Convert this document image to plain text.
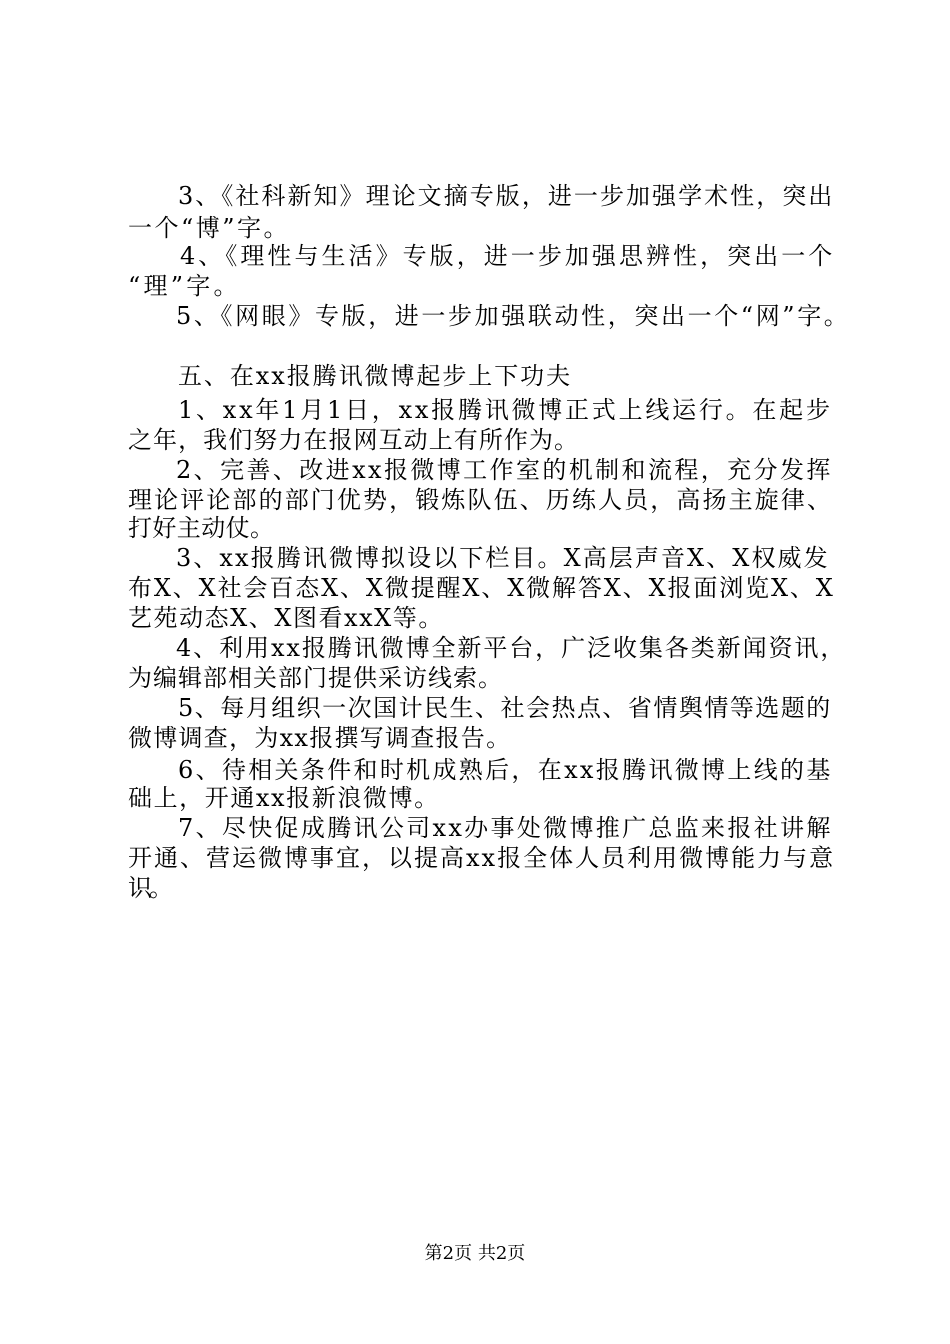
3、《社科新知》理论文摘专版，进一步加强学术性，突出
一个“博”字。
4、《理性与生活》专版，进一步加强思辨性，突出一个
“理”字。
5、《网眼》专版，进一步加强联动性，突出一个“网”字。
五、在xx报腾讯微博起步上下功夫
1、xx年1月1日，xx报腾讯微博正式上线运行。在起步
之年，我们努力在报网互动上有所作为。
2、完善、改进xx报微博工作室的机制和流程，充分发挥
理论评论部的部门优势，锻炼队伍、历练人员，高扬主旋律、
打好主动仗。
3、xx报腾讯微博拟设以下栏目。X高层声音X、X权威发
布X、X社会百态X、X微提醒X、X微解答X、X报面浏览X、X
艺苑动态X、X图看xxX等。
4、利用xx报腾讯微博全新平台，广泛收集各类新闻资讯，
为编辑部相关部门提供采访线索。
5、每月组织一次国计民生、社会热点、省情舆情等选题的
微博调查，为xx报撰写调查报告。
6、待相关条件和时机成熟后，在xx报腾讯微博上线的基
础上，开通xx报新浪微博。
7、尽快促成腾讯公司xx办事处微博推广总监来报社讲解
开通、营运微博事宜，以提高xx报全体人员利用微博能力与意
识。
第2页 共2页
